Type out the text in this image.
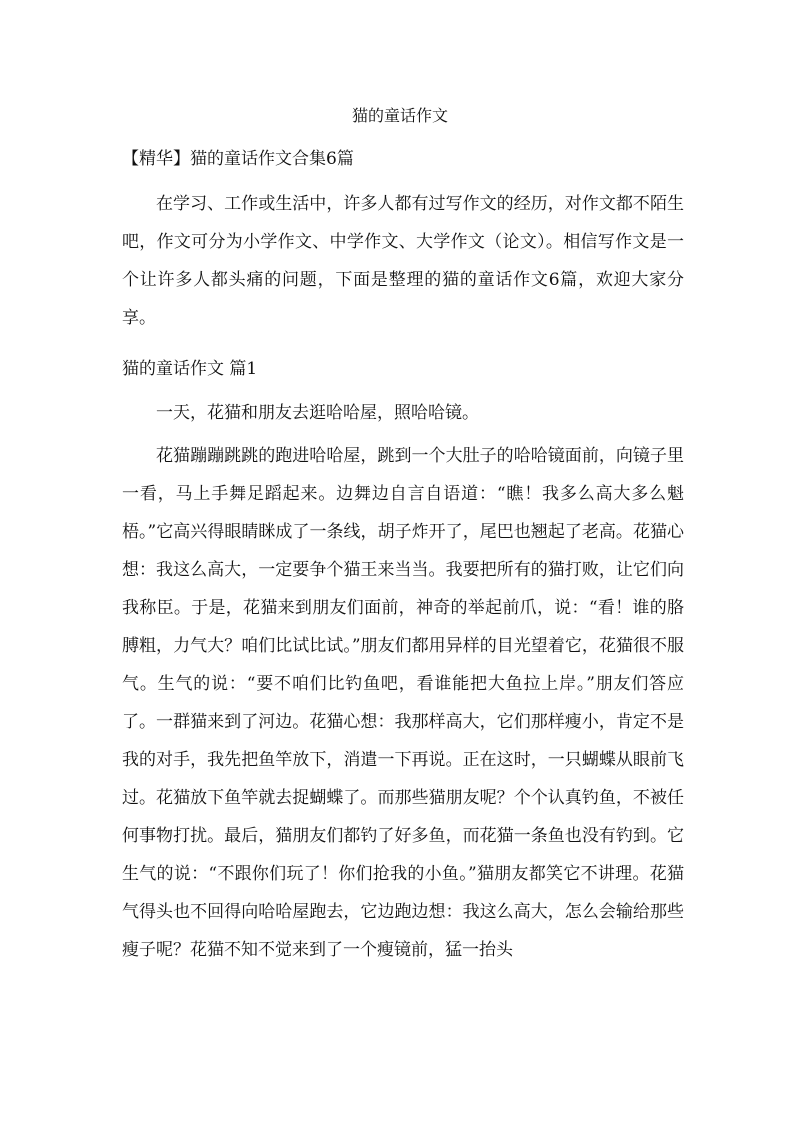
猫的童话作文
【精华】猫的童话作文合集6篇
在学习、工作或生活中，许多人都有过写作文的经历，对作文都不陌生吧，作文可分为小学作文、中学作文、大学作文（论文）。相信写作文是一个让许多人都头痛的问题，下面是整理的猫的童话作文6篇，欢迎大家分享。
猫的童话作文 篇1
一天，花猫和朋友去逛哈哈屋，照哈哈镜。
花猫蹦蹦跳跳的跑进哈哈屋，跳到一个大肚子的哈哈镜面前，向镜子里一看，马上手舞足蹈起来。边舞边自言自语道：“瞧！我多么高大多么魁梧。”它高兴得眼睛眯成了一条线，胡子炸开了，尾巴也翘起了老高。花猫心想：我这么高大，一定要争个猫王来当当。我要把所有的猫打败，让它们向我称臣。于是，花猫来到朋友们面前，神奇的举起前爪，说：“看！谁的胳膊粗，力气大？咱们比试比试。”朋友们都用异样的目光望着它，花猫很不服气。生气的说：“要不咱们比钓鱼吧，看谁能把大鱼拉上岸。”朋友们答应了。一群猫来到了河边。花猫心想：我那样高大，它们那样瘦小，肯定不是我的对手，我先把鱼竿放下，消遣一下再说。正在这时，一只蝴蝶从眼前飞过。花猫放下鱼竿就去捉蝴蝶了。而那些猫朋友呢？个个认真钓鱼，不被任何事物打扰。最后，猫朋友们都钓了好多鱼，而花猫一条鱼也没有钓到。它生气的说：“不跟你们玩了！你们抢我的小鱼。”猫朋友都笑它不讲理。花猫气得头也不回得向哈哈屋跑去，它边跑边想：我这么高大，怎么会输给那些瘦子呢？花猫不知不觉来到了一个瘦镜前，猛一抬头
